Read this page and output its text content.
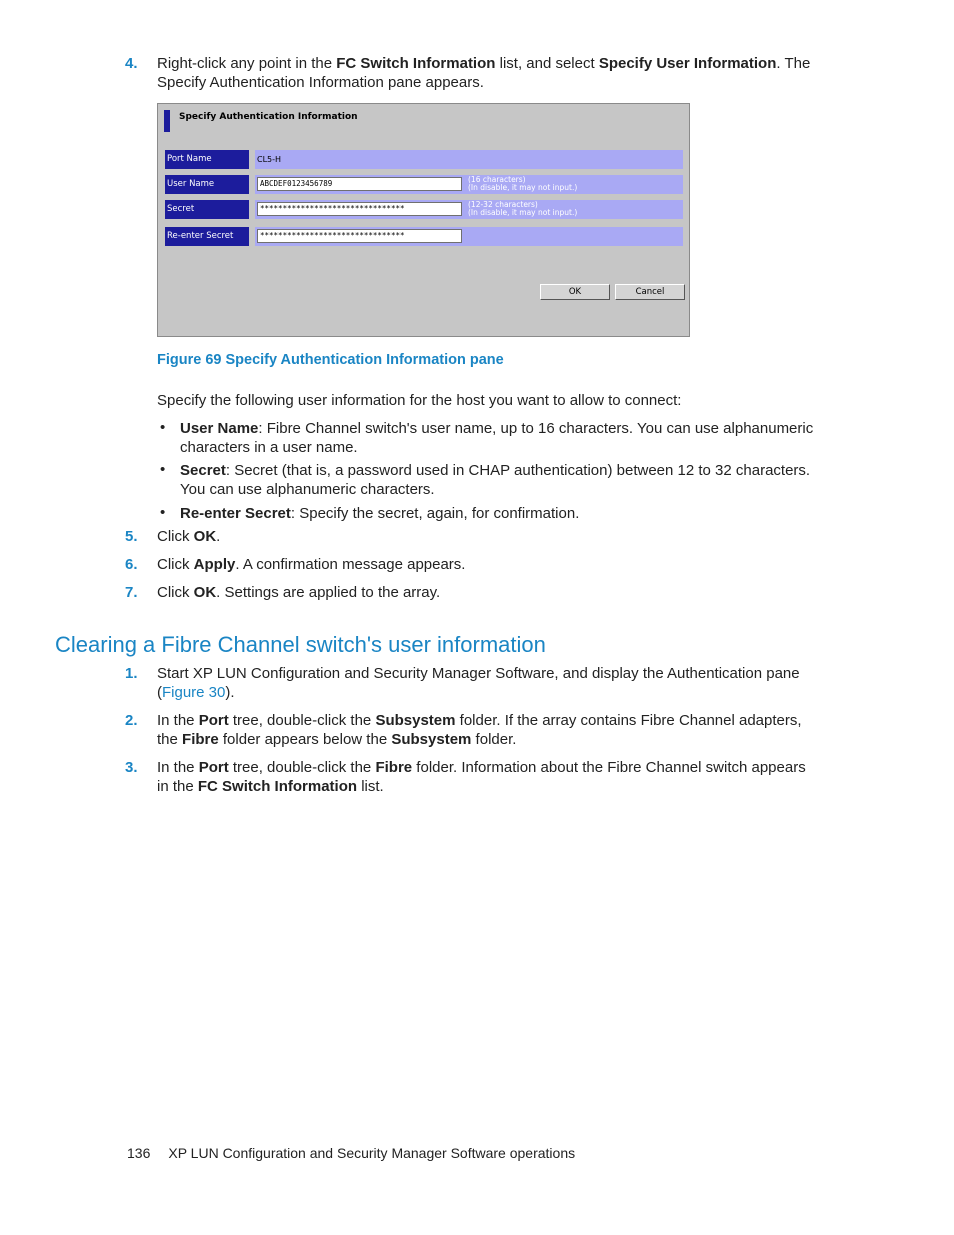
4. Right-click any point in the FC Switch Information list, and select Specify User Information. The Specify Authentication Information pane appears.
Specify Authentication Information
Port Name	CL5-H
User Name	ABCDEF0123456789	(16 characters)
(In disable, it may not input.)
Secret	********************************	(12-32 characters)
(In disable, it may not input.)
Re-enter Secret	********************************
OK	Cancel
Figure 69 Specify Authentication Information pane
Specify the following user information for the host you want to allow to connect:
• User Name: Fibre Channel switch's user name, up to 16 characters. You can use alphanumeric characters in a user name.
• Secret: Secret (that is, a password used in CHAP authentication) between 12 to 32 characters. You can use alphanumeric characters.
• Re-enter Secret: Specify the secret, again, for confirmation.
5. Click OK.
6. Click Apply. A confirmation message appears.
7. Click OK. Settings are applied to the array.
Clearing a Fibre Channel switch's user information
1. Start XP LUN Configuration and Security Manager Software, and display the Authentication pane (Figure 30).
2. In the Port tree, double-click the Subsystem folder. If the array contains Fibre Channel adapters, the Fibre folder appears below the Subsystem folder.
3. In the Port tree, double-click the Fibre folder. Information about the Fibre Channel switch appears in the FC Switch Information list.
136 XP LUN Configuration and Security Manager Software operations
